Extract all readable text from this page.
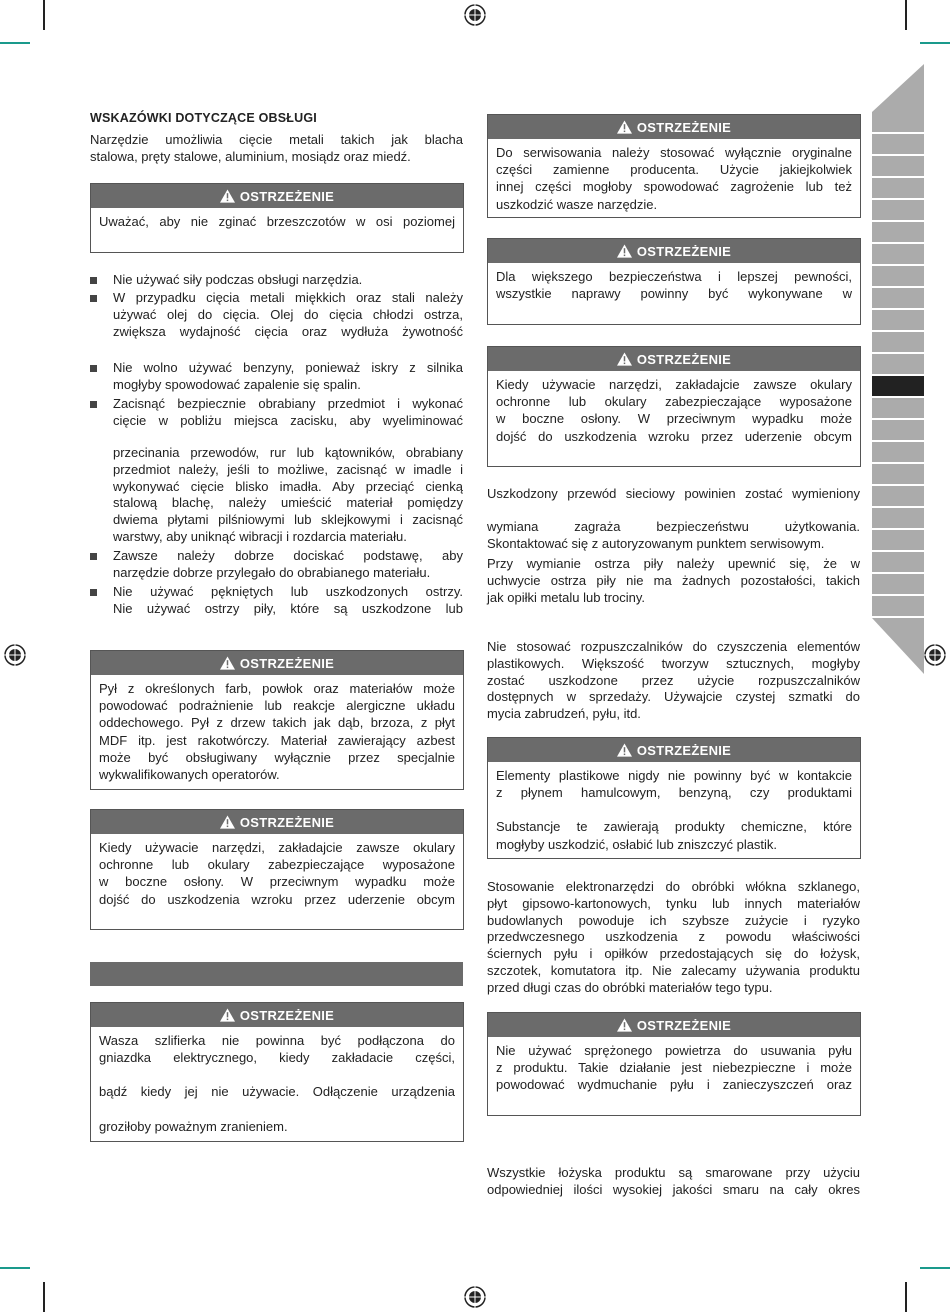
WSKAZÓWKI DOTYCZĄCE OBSŁUGI
Narzędzie umożliwia cięcie metali takich jak blacha
stalowa, pręty stalowe, aluminium, mosiądz oraz miedź.
OSTRZEŻENIE
Uważać, aby nie zginać brzeszczotów w osi poziomej
Nie używać siły podczas obsługi narzędzia.
W przypadku cięcia metali miękkich oraz stali należy
używać olej do cięcia. Olej do cięcia chłodzi ostrza,
zwiększa wydajność cięcia oraz wydłuża żywotność
Nie wolno używać benzyny, ponieważ iskry z silnika
mogłyby spowodować zapalenie się spalin.
Zacisnąć bezpiecznie obrabiany przedmiot i wykonać
cięcie w pobliżu miejsca zacisku, aby wyeliminować
przecinania przewodów, rur lub kątowników, obrabiany
przedmiot należy, jeśli to możliwe, zacisnąć w imadle i
wykonywać cięcie blisko imadła. Aby przeciąć cienką
stalową blachę, należy umieścić materiał pomiędzy
dwiema płytami pilśniowymi lub sklejkowymi i zacisnąć
warstwy, aby uniknąć wibracji i rozdarcia materiału.
Zawsze należy dobrze dociskać podstawę, aby
narzędzie dobrze przylegało do obrabianego materiału.
Nie używać pękniętych lub uszkodzonych ostrzy.
Nie używać ostrzy piły, które są uszkodzone lub
OSTRZEŻENIE
Pył z określonych farb, powłok oraz materiałów może
powodować podrażnienie lub reakcje alergiczne układu
oddechowego. Pył z drzew takich jak dąb, brzoza, z płyt
MDF itp. jest rakotwórczy. Materiał zawierający azbest
może być obsługiwany wyłącznie przez specjalnie
wykwalifikowanych operatorów.
OSTRZEŻENIE
Kiedy używacie narzędzi, zakładajcie zawsze okulary
ochronne lub okulary zabezpieczające wyposażone
w boczne osłony. W przeciwnym wypadku może
dojść do uszkodzenia wzroku przez uderzenie obcym
OSTRZEŻENIE
Wasza szlifierka nie powinna być podłączona do
gniazdka elektrycznego, kiedy zakładacie części,
bądź kiedy jej nie używacie. Odłączenie urządzenia
groziłoby poważnym zranieniem.
OSTRZEŻENIE
Do serwisowania należy stosować wyłącznie oryginalne
części zamienne producenta. Użycie jakiejkolwiek
innej części mogłoby spowodować zagrożenie lub też
uszkodzić wasze narzędzie.
OSTRZEŻENIE
Dla większego bezpieczeństwa i lepszej pewności,
wszystkie naprawy powinny być wykonywane w
OSTRZEŻENIE
Kiedy używacie narzędzi, zakładajcie zawsze okulary
ochronne lub okulary zabezpieczające wyposażone
w boczne osłony. W przeciwnym wypadku może
dojść do uszkodzenia wzroku przez uderzenie obcym
Uszkodzony przewód sieciowy powinien zostać wymieniony
wymiana zagraża bezpieczeństwu użytkowania.
Skontaktować się z autoryzowanym punktem serwisowym.
Przy wymianie ostrza piły należy upewnić się, że w
uchwycie ostrza piły nie ma żadnych pozostałości, takich
jak opiłki metalu lub trociny.
Nie stosować rozpuszczalników do czyszczenia elementów
plastikowych. Większość tworzyw sztucznych, mogłyby
zostać uszkodzone przez użycie rozpuszczalników
dostępnych w sprzedaży. Używajcie czystej szmatki do
mycia zabrudzeń, pyłu, itd.
OSTRZEŻENIE
Elementy plastikowe nigdy nie powinny być w kontakcie
z płynem hamulcowym, benzyną, czy produktami
Substancje te zawierają produkty chemiczne, które
mogłyby uszkodzić, osłabić lub zniszczyć plastik.
Stosowanie elektronarzędzi do obróbki włókna szklanego,
płyt gipsowo-kartonowych, tynku lub innych materiałów
budowlanych powoduje ich szybsze zużycie i ryzyko
przedwczesnego uszkodzenia z powodu właściwości
ściernych pyłu i opiłków przedostających się do łożysk,
szczotek, komutatora itp. Nie zalecamy używania produktu
przed długi czas do obróbki materiałów tego typu.
OSTRZEŻENIE
Nie używać sprężonego powietrza do usuwania pyłu
z produktu. Takie działanie jest niebezpieczne i może
powodować wydmuchanie pyłu i zanieczyszczeń oraz
Wszystkie łożyska produktu są smarowane przy użyciu
odpowiedniej ilości wysokiej jakości smaru na cały okres
